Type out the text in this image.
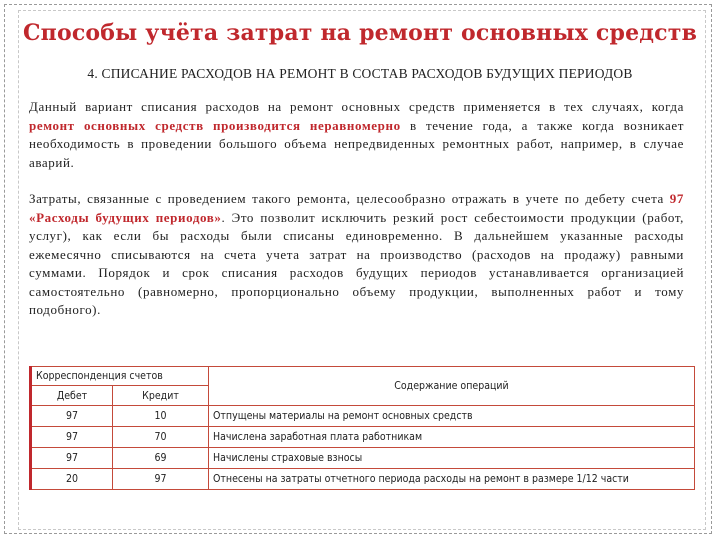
Способы учёта затрат на ремонт основных средств
4. СПИСАНИЕ РАСХОДОВ НА РЕМОНТ В СОСТАВ РАСХОДОВ БУДУЩИХ ПЕРИОДОВ
Данный вариант списания расходов на ремонт основных средств применяется в тех случаях, когда ремонт основных средств производится неравномерно в течение года, а также когда возникает необходимость в проведении большого объема непредвиденных ремонтных работ, например, в случае аварий.
Затраты, связанные с проведением такого ремонта, целесообразно отражать в учете по дебету счета 97 «Расходы будущих периодов». Это позволит исключить резкий рост себестоимости продукции (работ, услуг), как если бы расходы были списаны единовременно. В дальнейшем указанные расходы ежемесячно списываются на счета учета затрат на производство (расходов на продажу) равными суммами. Порядок и срок списания расходов будущих периодов устанавливается организацией самостоятельно (равномерно, пропорционально объему продукции, выполненных работ и тому подобного).
Корреспонденция счетов		Содержание операций
Дебет	Кредит	
97	10	Отпущены материалы на ремонт основных средств
97	70	Начислена заработная плата работникам
97	69	Начислены страховые взносы
20	97	Отнесены на затраты отчетного периода расходы на ремонт в размере 1/12 части
